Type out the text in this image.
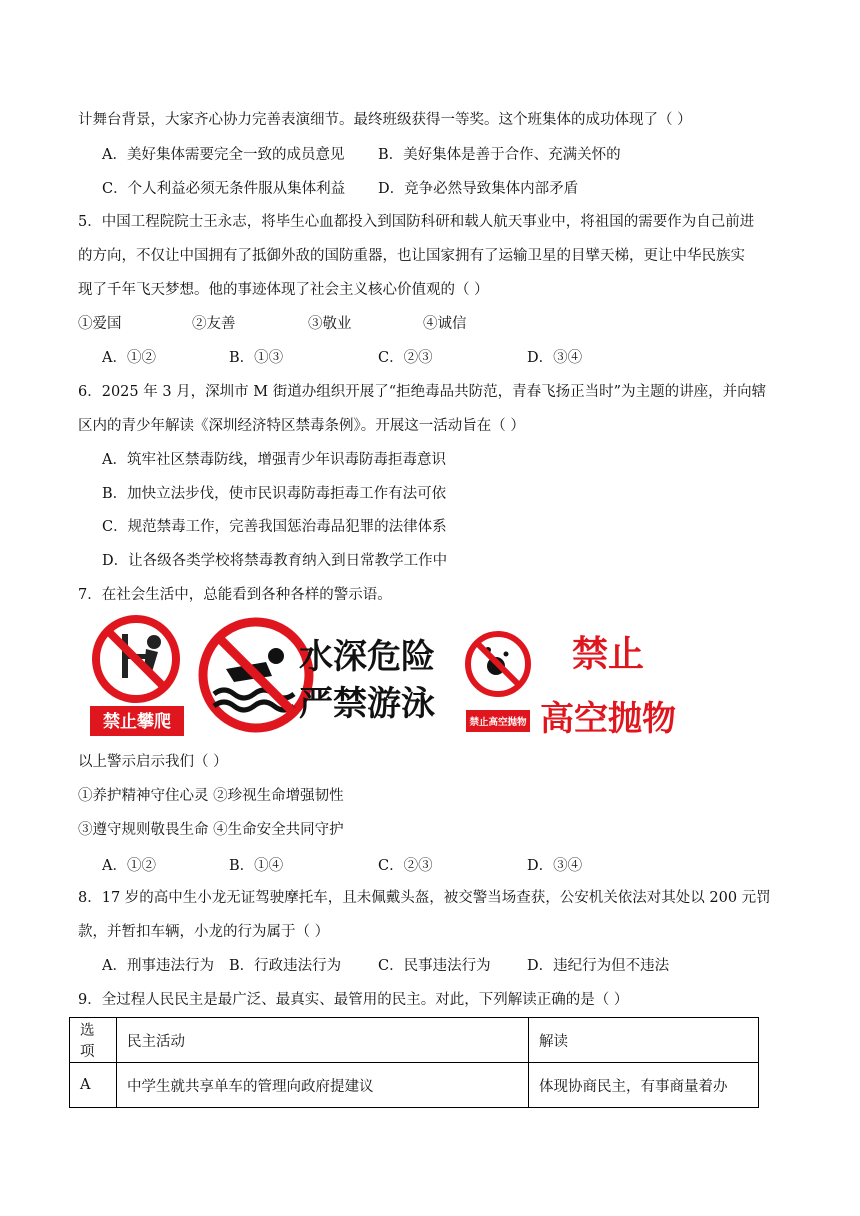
计舞台背景，大家齐心协力完善表演细节。最终班级获得一等奖。这个班集体的成功体现了（ ）
A．美好集体需要完全一致的成员意见 B．美好集体是善于合作、充满关怀的
C．个人利益必须无条件服从集体利益 D．竞争必然导致集体内部矛盾
5．中国工程院院士王永志，将毕生心血都投入到国防科研和载人航天事业中，将祖国的需要作为自己前进
的方向，不仅让中国拥有了抵御外敌的国防重器，也让国家拥有了运输卫星的目擘天梯，更让中华民族实
现了千年飞天梦想。他的事迹体现了社会主义核心价值观的（ ）
①爱国	②友善	③敬业	④诚信
A．①②	B．①③	C．②③	D．③④
6．2025 年 3 月，深圳市 M 街道办组织开展了“拒绝毒品共防范，青春飞扬正当时”为主题的讲座，并向辖
区内的青少年解读《深圳经济特区禁毒条例》。开展这一活动旨在（ ）
A．筑牢社区禁毒防线，增强青少年识毒防毒拒毒意识
B．加快立法步伐，使市民识毒防毒拒毒工作有法可依
C．规范禁毒工作，完善我国惩治毒品犯罪的法律体系
D．让各级各类学校将禁毒教育纳入到日常教学工作中
7．在社会生活中，总能看到各种各样的警示语。
禁止攀爬
水深危险
严禁游泳	禁止高空抛物
禁止
高空抛物
以上警示启示我们（ ）
①养护精神守住心灵 ②珍视生命增强韧性
③遵守规则敬畏生命 ④生命安全共同守护
A．①②	B．①④	C．②③	D．③④
8．17 岁的高中生小龙无证驾驶摩托车，且未佩戴头盔，被交警当场查获，公安机关依法对其处以 200 元罚
款，并暂扣车辆，小龙的行为属于（ ）
A．刑事违法行为 B．行政违法行为	C．民事违法行为	D．违纪行为但不违法
9．全过程人民民主是最广泛、最真实、最管用的民主。对此，下列解读正确的是（ ）
选项	民主活动	解读
A	中学生就共享单车的管理向政府提建议	体现协商民主，有事商量着办
